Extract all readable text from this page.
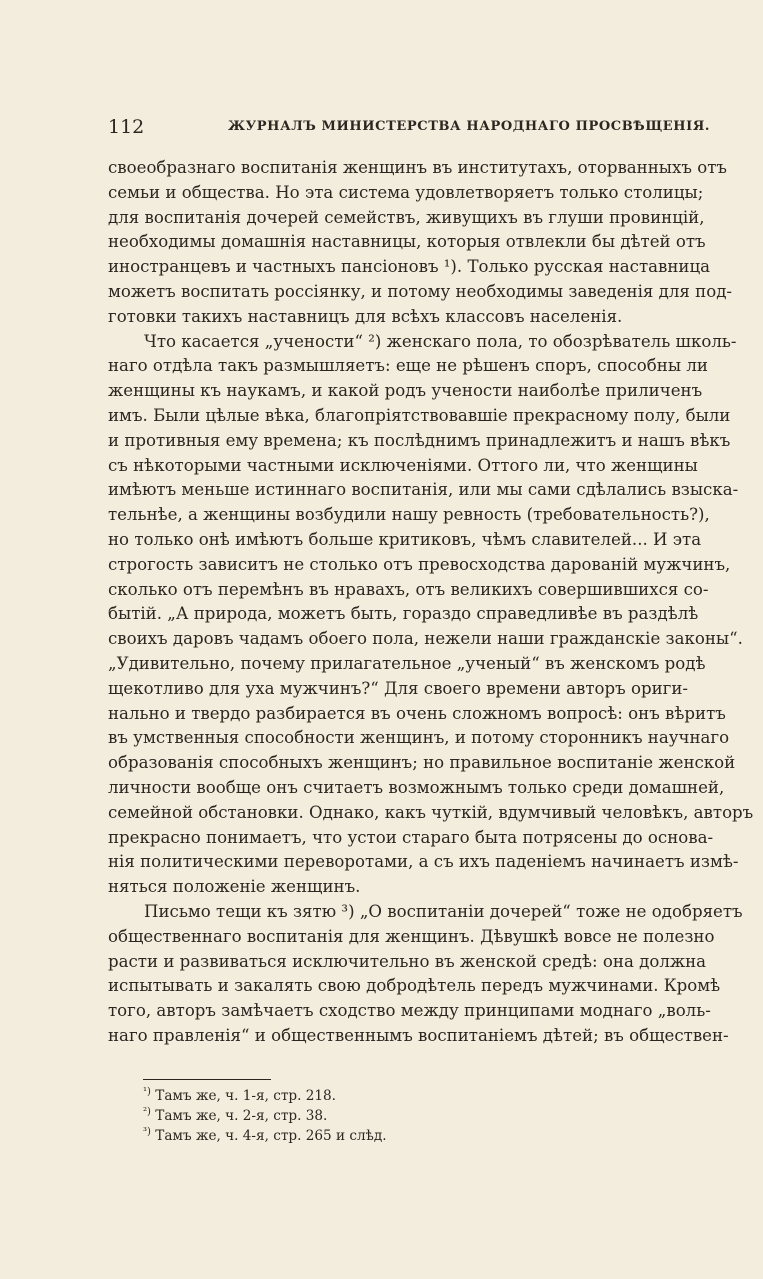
112	ЖУРНАЛЪ МИНИСТЕРСТВА НАРОДНАГО ПРОСВѢЩЕНІЯ.
своеобразнаго воспитанія женщинъ въ институтахъ, оторванныхъ отъ
семьи и общества. Но эта система удовлетворяетъ только столицы;
для воспитанія дочерей семействъ, живущихъ въ глуши провинцій,
необходимы домашнія наставницы, которыя отвлекли бы дѣтей отъ
иностранцевъ и частныхъ пансіоновъ ¹). Только русская наставница
можетъ воспитать россіянку, и потому необходимы заведенія для под-
готовки такихъ наставницъ для всѣхъ классовъ населенія.
Что касается „учености“ ²) женскаго пола, то обозрѣватель школь-
наго отдѣла такъ размышляетъ: еще не рѣшенъ споръ, способны ли
женщины къ наукамъ, и какой родъ учености наиболѣе приличенъ
имъ. Были цѣлые вѣка, благопріятствовавшіе прекрасному полу, были
и противныя ему времена; къ послѣднимъ принадлежитъ и нашъ вѣкъ
съ нѣкоторыми частными исключеніями. Оттого ли, что женщины
имѣютъ меньше истиннаго воспитанія, или мы сами сдѣлались взыска-
тельнѣе, а женщины возбудили нашу ревность (требовательность?),
но только онѣ имѣютъ больше критиковъ, чѣмъ славителей... И эта
строгость зависитъ не столько отъ превосходства дарованій мужчинъ,
сколько отъ перемѣнъ въ нравахъ, отъ великихъ совершившихся со-
бытій. „А природа, можетъ быть, гораздо справедливѣе въ раздѣлѣ
своихъ даровъ чадамъ обоего пола, нежели наши гражданскіе законы“.
„Удивительно, почему прилагательное „ученый“ въ женскомъ родѣ
щекотливо для уха мужчинъ?“ Для своего времени авторъ ориги-
нально и твердо разбирается въ очень сложномъ вопросѣ: онъ вѣритъ
въ умственныя способности женщинъ, и потому сторонникъ научнаго
образованія способныхъ женщинъ; но правильное воспитаніе женской
личности вообще онъ считаетъ возможнымъ только среди домашней,
семейной обстановки. Однако, какъ чуткій, вдумчивый человѣкъ, авторъ
прекрасно понимаетъ, что устои стараго быта потрясены до основа-
нія политическими переворотами, а съ ихъ паденіемъ начинаетъ измѣ-
няться положеніе женщинъ.
Письмо тещи къ зятю ³) „О воспитаніи дочерей“ тоже не одобряетъ
общественнаго воспитанія для женщинъ. Дѣвушкѣ вовсе не полезно
расти и развиваться исключительно въ женской средѣ: она должна
испытывать и закалять свою добродѣтель передъ мужчинами. Кромѣ
того, авторъ замѣчаетъ сходство между принципами моднаго „воль-
наго правленія“ и общественнымъ воспитаніемъ дѣтей; въ обществен-
$^{^1)}$ Тамъ же, ч. 1-я, стр. 218.
$^{^2)}$ Тамъ же, ч. 2-я, стр. 38.
$^{^3)}$ Тамъ же, ч. 4-я, стр. 265 и слѣд.
